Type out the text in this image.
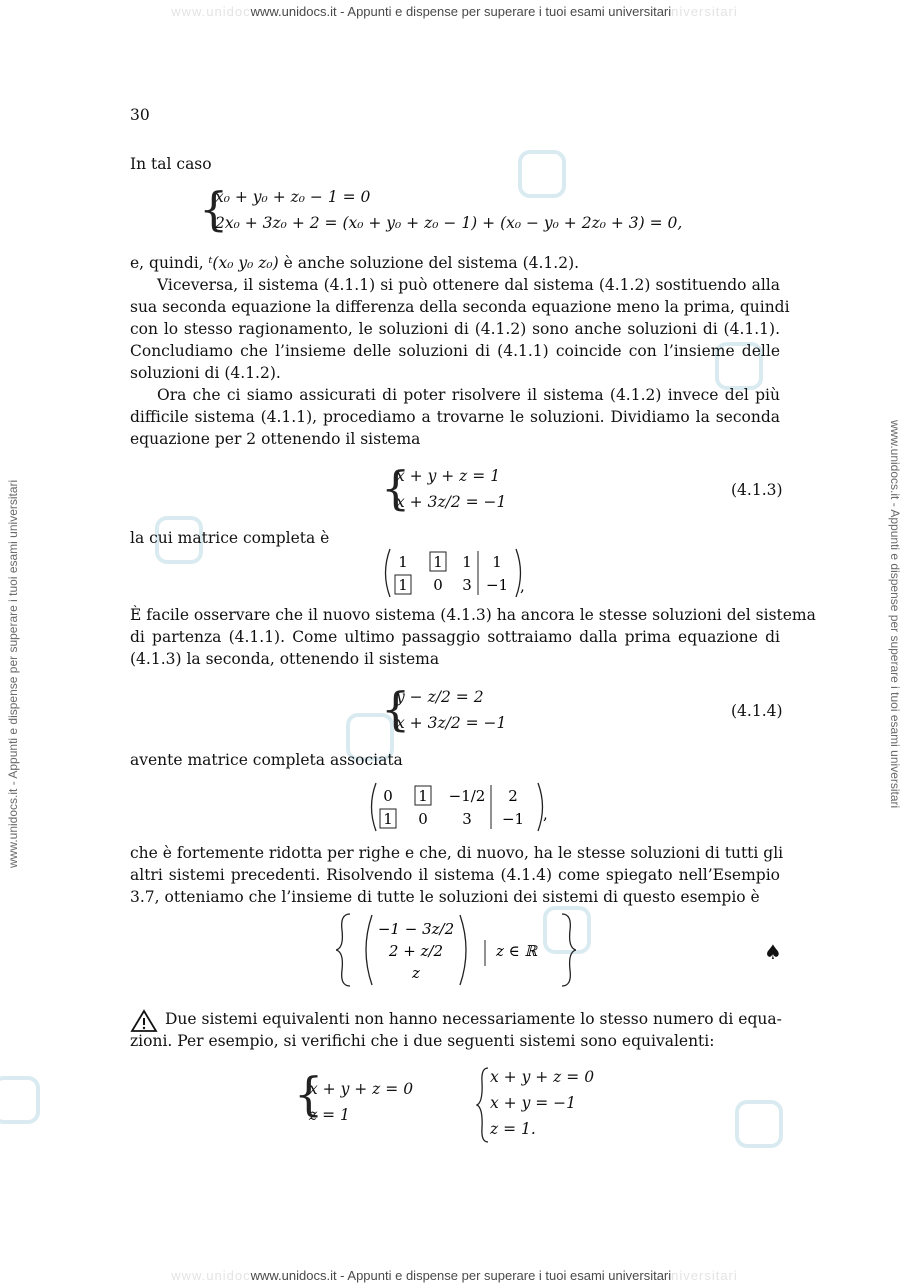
www.unidocwww.unidocs.it - Appunti e dispense per superare i tuoi esami universitariniversitari
www.unidocwww.unidocs.it - Appunti e dispense per superare i tuoi esami universitariniversitari
www.unidocs.it - Appunti e dispense per superare i tuoi esami universitari	www.unidocs.it - Appunti e dispense per superare i tuoi esami universitari
30
In tal caso
{
x₀ + y₀ + z₀ − 1 = 0
2x₀ + 3z₀ + 2 = (x₀ + y₀ + z₀ − 1) + (x₀ − y₀ + 2z₀ + 3) = 0,
e, quindi, ᵗ(x₀ y₀ z₀) è anche soluzione del sistema (4.1.2).
Viceversa, il sistema (4.1.1) si può ottenere dal sistema (4.1.2) sostituendo alla
sua seconda equazione la differenza della seconda equazione meno la prima, quindi
con lo stesso ragionamento, le soluzioni di (4.1.2) sono anche soluzioni di (4.1.1).
Concludiamo che l’insieme delle soluzioni di (4.1.1) coincide con l’insieme delle
soluzioni di (4.1.2).
Ora che ci siamo assicurati di poter risolvere il sistema (4.1.2) invece del più
difficile sistema (4.1.1), procediamo a trovarne le soluzioni. Dividiamo la seconda
equazione per 2 ottenendo il sistema
{
x + y + z = 1
x + 3z/2 = −1
(4.1.3)
la cui matrice completa è
1 1 1 1
1 0 3 −1 ,
È facile osservare che il nuovo sistema (4.1.3) ha ancora le stesse soluzioni del sistema
di partenza (4.1.1). Come ultimo passaggio sottraiamo dalla prima equazione di
(4.1.3) la seconda, ottenendo il sistema
{
y − z/2 = 2
x + 3z/2 = −1
(4.1.4)
avente matrice completa associata
0 1 −1/2 2
1 0 3 −1 ,
che è fortemente ridotta per righe e che, di nuovo, ha le stesse soluzioni di tutti gli
altri sistemi precedenti. Risolvendo il sistema (4.1.4) come spiegato nell’Esempio
3.7, otteniamo che l’insieme di tutte le soluzioni dei sistemi di questo esempio è
−1 − 3z/2
2 + z/2
z
z ∈ ℝ	♠
Due sistemi equivalenti non hanno necessariamente lo stesso numero di equa-
zioni. Per esempio, si verifichi che i due seguenti sistemi sono equivalenti:
{
x + y + z = 0
z = 1
x + y + z = 0
x + y = −1
z = 1.
